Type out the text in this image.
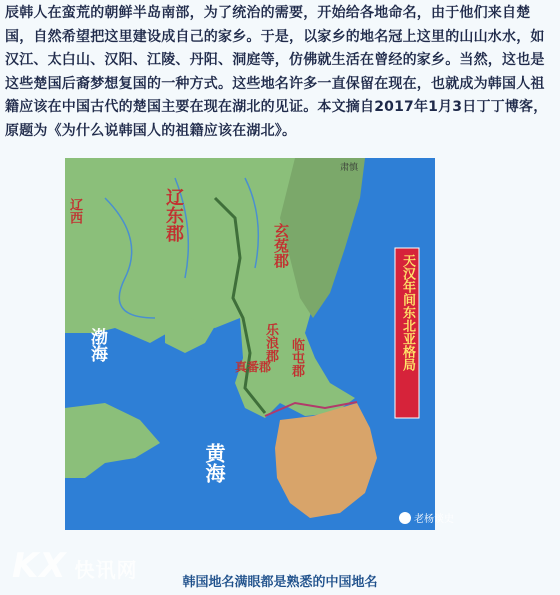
辰韩人在蛮荒的朝鲜半岛南部，为了统治的需要，开始给各地命名，由于他们来自楚国，自然希望把这里建设成自己的家乡。于是，以家乡的地名冠上这里的山山水水，如汉江、太白山、汉阳、江陵、丹阳、洞庭等，仿佛就生活在曾经的家乡。当然，这也是这些楚国后裔梦想复国的一种方式。这些地名许多一直保留在现在，也就成为韩国人祖籍应该在中国古代的楚国主要在现在湖北的见证。本文摘自2017年1月3日丁丁博客，原题为《为什么说韩国人的祖籍应该在湖北》。
天汉年间东北亚格局
辽东郡
辽西
玄菟郡
乐浪郡 临屯郡
真番郡
渤海
黄海
肃慎
老杨谈史
KX 快讯网
韩国地名满眼都是熟悉的中国地名
